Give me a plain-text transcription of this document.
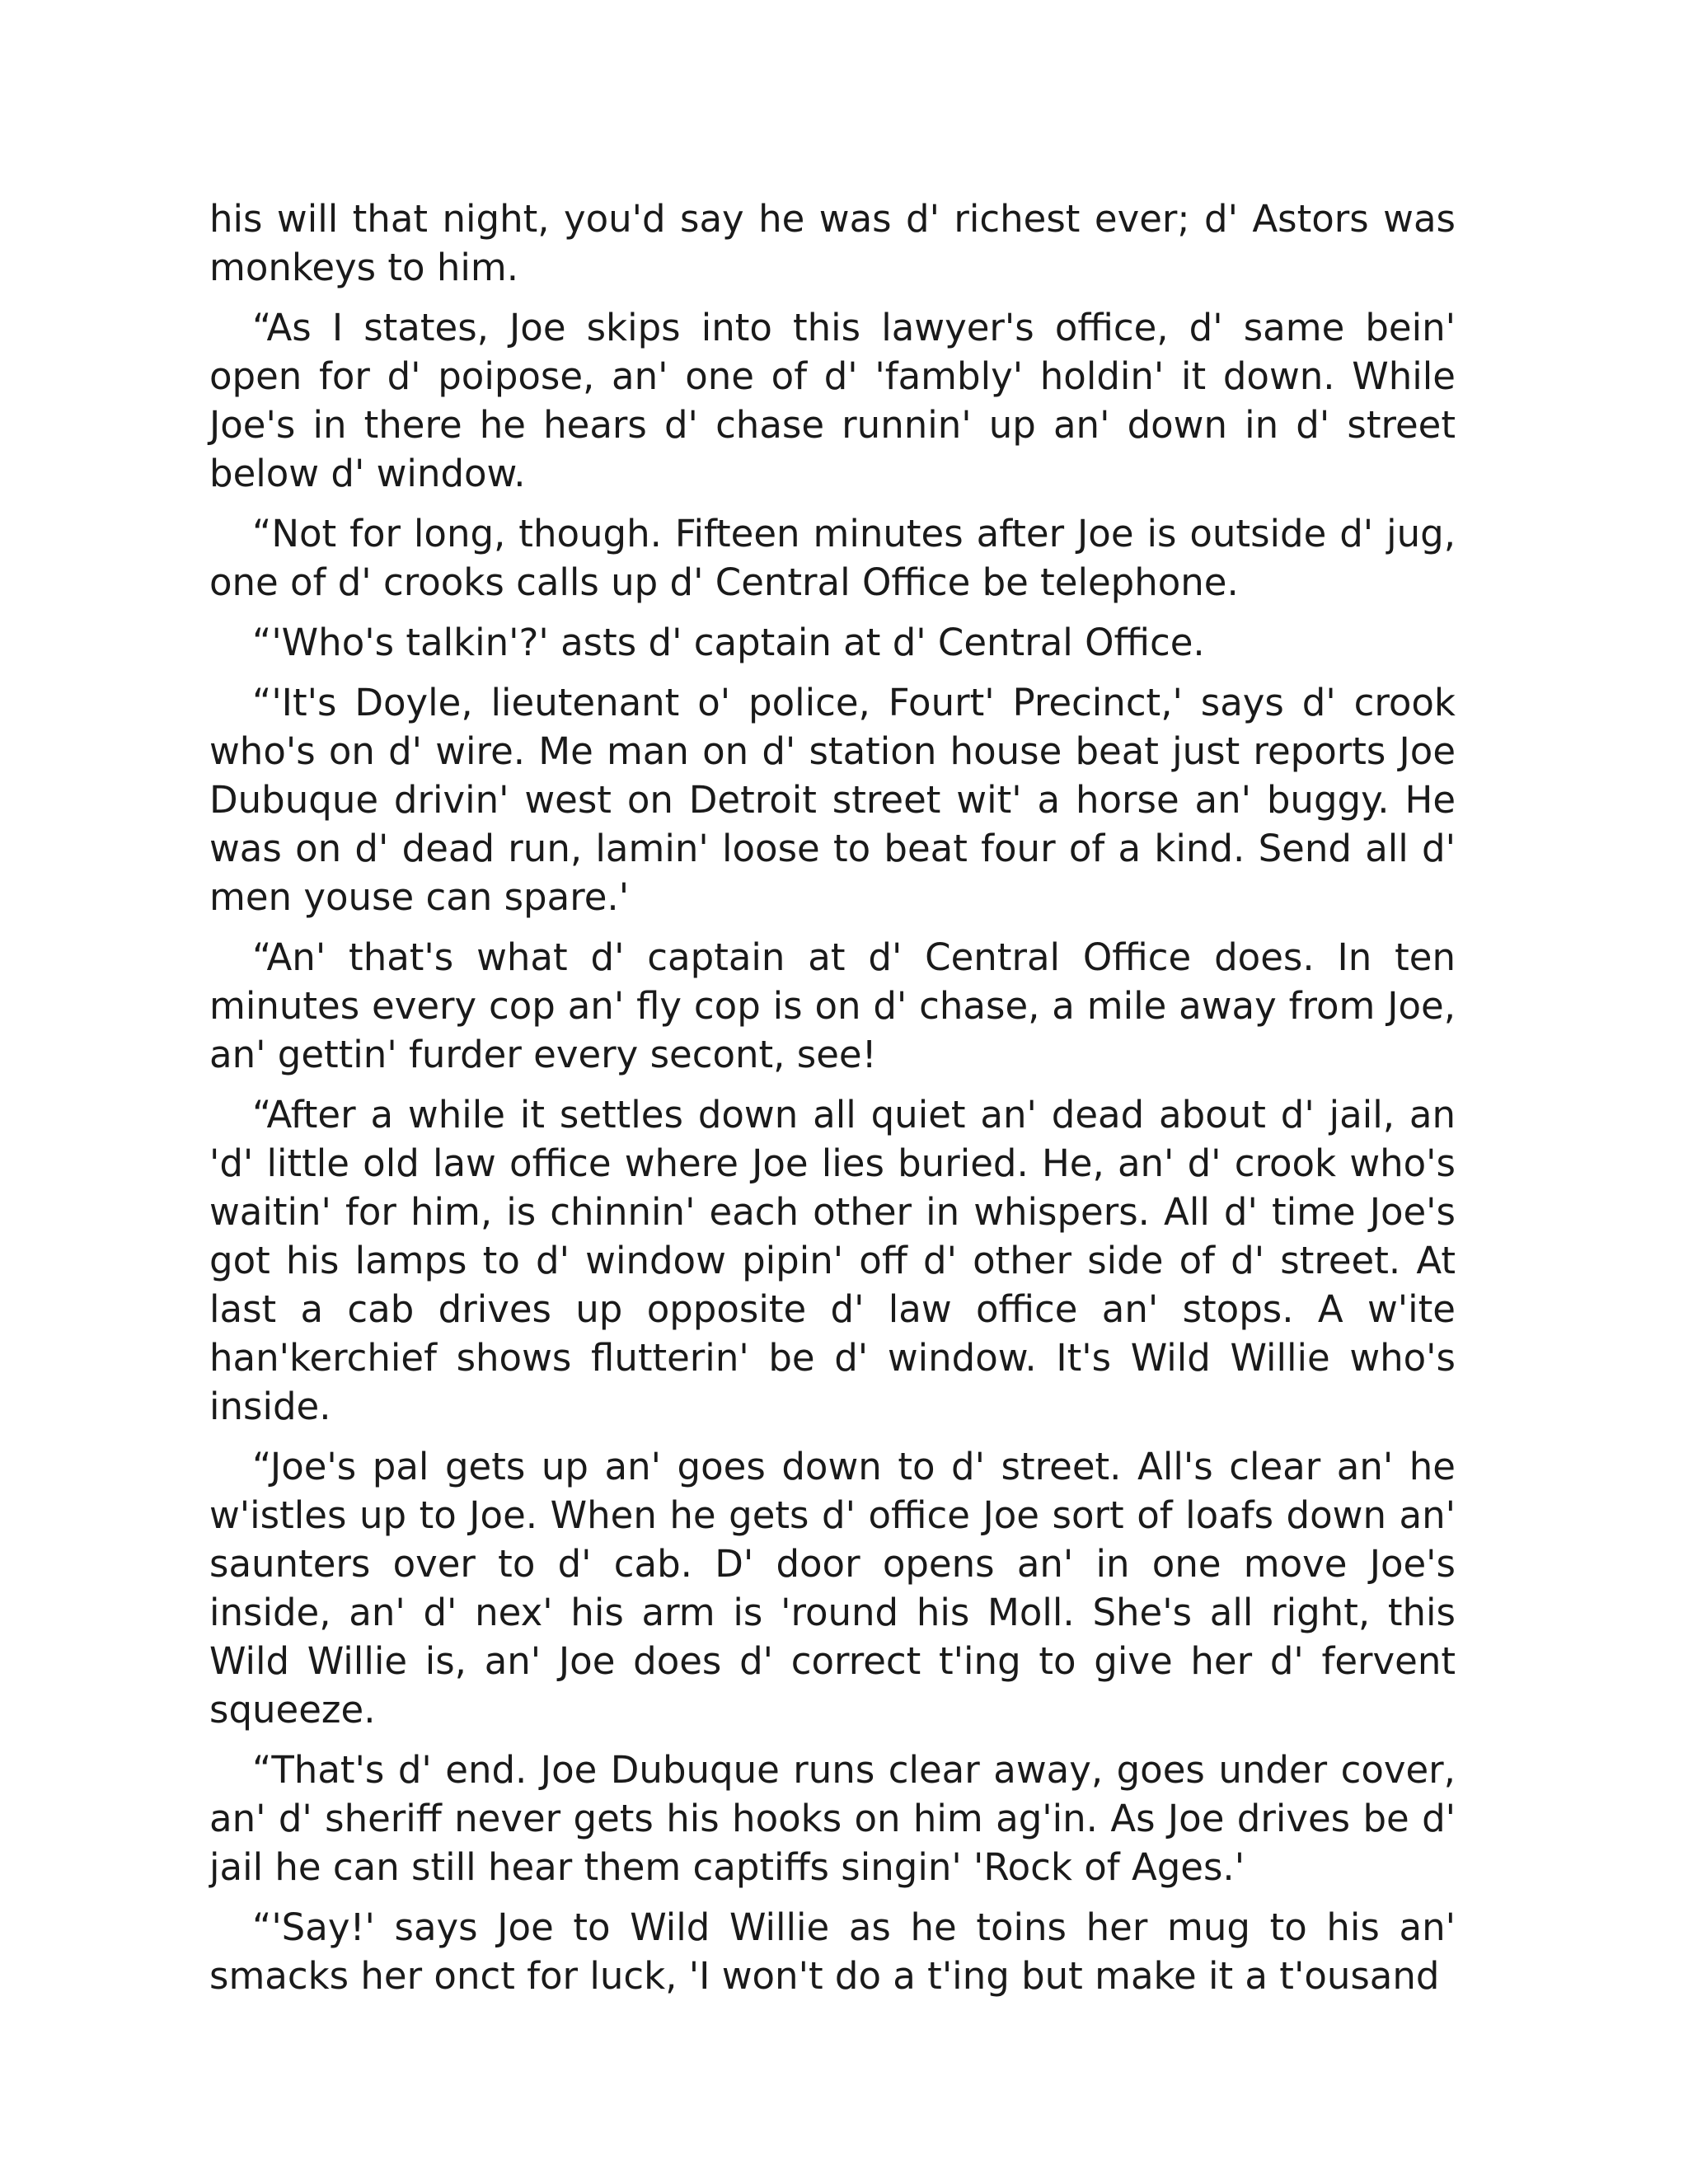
his will that night, you'd say he was d' richest ever; d' Astors was monkeys to him.

“As I states, Joe skips into this lawyer's office, d' same bein' open for d' poipose, an' one of d' 'fambly' holdin' it down. While Joe's in there he hears d' chase runnin' up an' down in d' street below d' window.

“Not for long, though. Fifteen minutes after Joe is outside d' jug, one of d' crooks calls up d' Central Office be telephone.

“'Who's talkin'?' asts d' captain at d' Central Office.

“'It's Doyle, lieutenant o' police, Fourt' Precinct,' says d' crook who's on d' wire. Me man on d' station house beat just reports Joe Dubuque drivin' west on Detroit street wit' a horse an' buggy. He was on d' dead run, lamin' loose to beat four of a kind. Send all d' men youse can spare.'

“An' that's what d' captain at d' Central Office does. In ten minutes every cop an' fly cop is on d' chase, a mile away from Joe, an' gettin' furder every secont, see!

“After a while it settles down all quiet an' dead about d' jail, an 'd' little old law office where Joe lies buried. He, an' d' crook who's waitin' for him, is chinnin' each other in whispers. All d' time Joe's got his lamps to d' window pipin' off d' other side of d' street. At last a cab drives up opposite d' law office an' stops. A w'ite han'kerchief shows flutterin' be d' window. It's Wild Willie who's inside.

“Joe's pal gets up an' goes down to d' street. All's clear an' he w'istles up to Joe. When he gets d' office Joe sort of loafs down an' saunters over to d' cab. D' door opens an' in one move Joe's inside, an' d' nex' his arm is 'round his Moll. She's all right, this Wild Willie is, an' Joe does d' correct t'ing to give her d' fervent squeeze.

“That's d' end. Joe Dubuque runs clear away, goes under cover, an' d' sheriff never gets his hooks on him ag'in. As Joe drives be d' jail he can still hear them captiffs singin' 'Rock of Ages.'

“'Say!' says Joe to Wild Willie as he toins her mug to his an' smacks her onct for luck, 'I won't do a t'ing but make it a t'ousand
